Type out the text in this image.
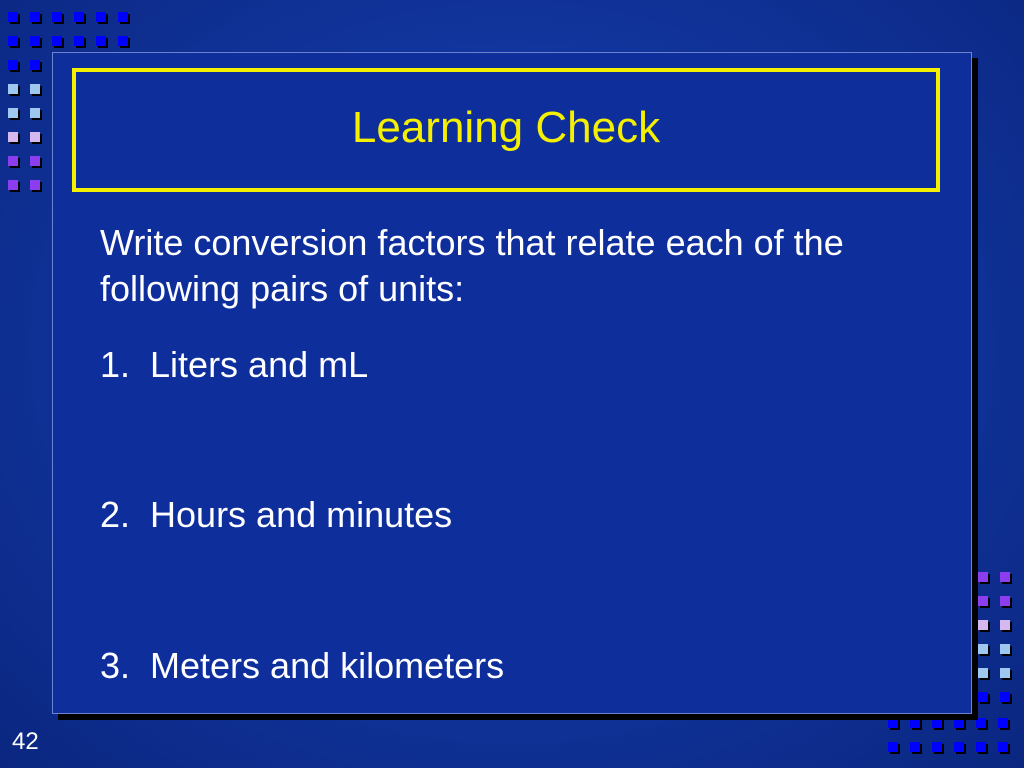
Learning Check
Write conversion factors that relate each of the following pairs of units:
1.  Liters and mL
2.  Hours and minutes
3.  Meters and kilometers
42
